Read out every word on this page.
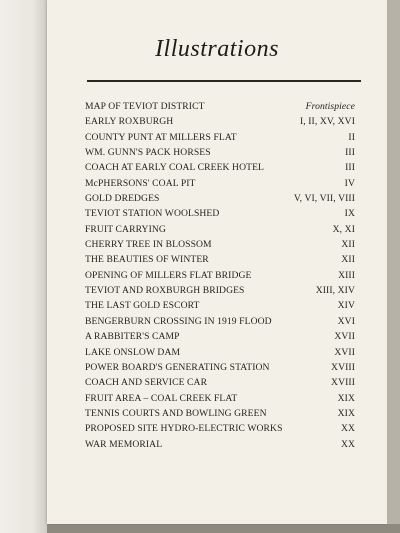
Illustrations
MAP OF TEVIOT DISTRICT	Frontispiece
EARLY ROXBURGH	I, II, XV, XVI
COUNTY PUNT AT MILLERS FLAT	II
WM. GUNN'S PACK HORSES	III
COACH AT EARLY COAL CREEK HOTEL	III
McPHERSONS' COAL PIT	IV
GOLD DREDGES	V, VI, VII, VIII
TEVIOT STATION WOOLSHED	IX
FRUIT CARRYING	X, XI
CHERRY TREE IN BLOSSOM	XII
THE BEAUTIES OF WINTER	XII
OPENING OF MILLERS FLAT BRIDGE	XIII
TEVIOT AND ROXBURGH BRIDGES	XIII, XIV
THE LAST GOLD ESCORT	XIV
BENGERBURN CROSSING IN 1919 FLOOD	XVI
A RABBITER'S CAMP	XVII
LAKE ONSLOW DAM	XVII
POWER BOARD'S GENERATING STATION	XVIII
COACH AND SERVICE CAR	XVIII
FRUIT AREA – COAL CREEK FLAT	XIX
TENNIS COURTS AND BOWLING GREEN	XIX
PROPOSED SITE HYDRO-ELECTRIC WORKS	XX
WAR MEMORIAL	XX
